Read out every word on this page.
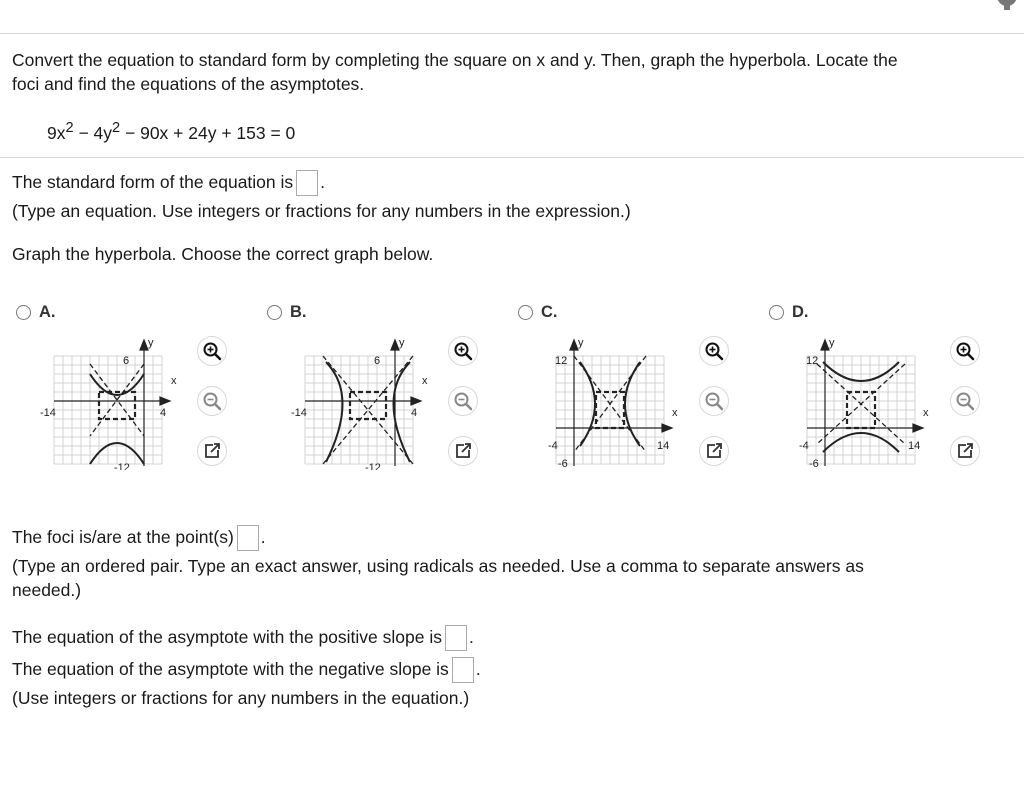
Convert the equation to standard form by completing the square on x and y. Then, graph the hyperbola. Locate the
foci and find the equations of the asymptotes.
$9x^2 - 4y^2 - 90x + 24y + 153 = 0$
The standard form of the equation is .
(Type an equation. Use integers or fractions for any numbers in the expression.)
Graph the hyperbola. Choose the correct graph below.
A.
y
6
x
-14	4
-12
B.
y
6
x
-14	4
-12
C.
y
12
x
-4	14
-6
D.
y
12
x
-4	14
-6
The foci is/are at the point(s) .
(Type an ordered pair. Type an exact answer, using radicals as needed. Use a comma to separate answers as
needed.)
The equation of the asymptote with the positive slope is .
The equation of the asymptote with the negative slope is .
(Use integers or fractions for any numbers in the equation.)
